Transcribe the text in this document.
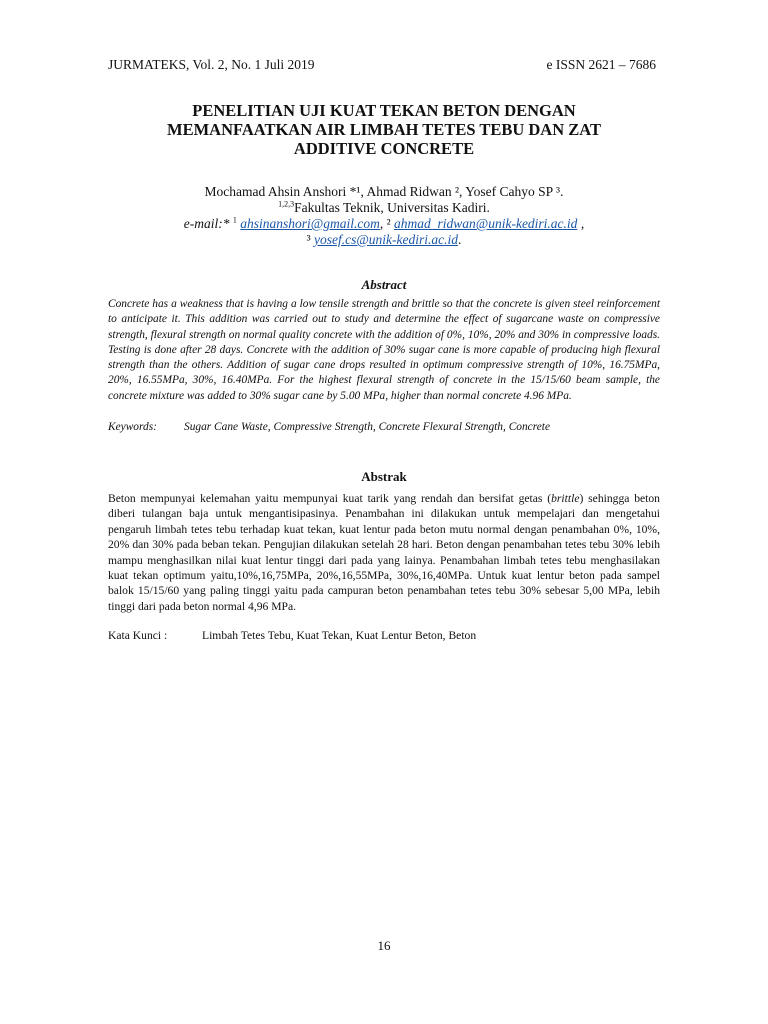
JURMATEKS, Vol. 2, No. 1 Juli 2019	e ISSN 2621 – 7686
PENELITIAN UJI KUAT TEKAN BETON DENGAN
MEMANFAATKAN AIR LIMBAH TETES TEBU DAN ZAT
ADDITIVE CONCRETE
Mochamad Ahsin Anshori *¹, Ahmad Ridwan ², Yosef Cahyo SP ³.
$^{1,2,3}$Fakultas Teknik, Universitas Kadiri.
e-mail:* $^1$ ahsinanshori@gmail.com, ² ahmad_ridwan@unik-kediri.ac.id ,
³ yosef.cs@unik-kediri.ac.id.
Abstract
Concrete has a weakness that is having a low tensile strength and brittle so that the concrete is given steel reinforcement to anticipate it. This addition was carried out to study and determine the effect of sugarcane waste on compressive strength, flexural strength on normal quality concrete with the addition of 0%, 10%, 20% and 30% in compressive loads. Testing is done after 28 days. Concrete with the addition of 30% sugar cane is more capable of producing high flexural strength than the others. Addition of sugar cane drops resulted in optimum compressive strength of 10%, 16.75MPa, 20%, 16.55MPa, 30%, 16.40MPa. For the highest flexural strength of concrete in the 15/15/60 beam sample, the concrete mixture was added to 30% sugar cane by 5.00 MPa, higher than normal concrete 4.96 MPa.
Keywords: Sugar Cane Waste, Compressive Strength, Concrete Flexural Strength, Concrete
Abstrak
Beton mempunyai kelemahan yaitu mempunyai kuat tarik yang rendah dan bersifat getas (brittle) sehingga beton diberi tulangan baja untuk mengantisipasinya. Penambahan ini dilakukan untuk mempelajari dan mengetahui pengaruh limbah tetes tebu terhadap kuat tekan, kuat lentur pada beton mutu normal dengan penambahan 0%, 10%, 20% dan 30% pada beban tekan. Pengujian dilakukan setelah 28 hari. Beton dengan penambahan tetes tebu 30% lebih mampu menghasilkan nilai kuat lentur tinggi dari pada yang lainya. Penambahan limbah tetes tebu menghasilakan kuat tekan optimum yaitu,10%,16,75MPa, 20%,16,55MPa, 30%,16,40MPa. Untuk kuat lentur beton pada sampel balok 15/15/60 yang paling tinggi yaitu pada campuran beton penambahan tetes tebu 30% sebesar 5,00 MPa, lebih tinggi dari pada beton normal 4,96 MPa.
Kata Kunci :	Limbah Tetes Tebu, Kuat Tekan, Kuat Lentur Beton, Beton
16
